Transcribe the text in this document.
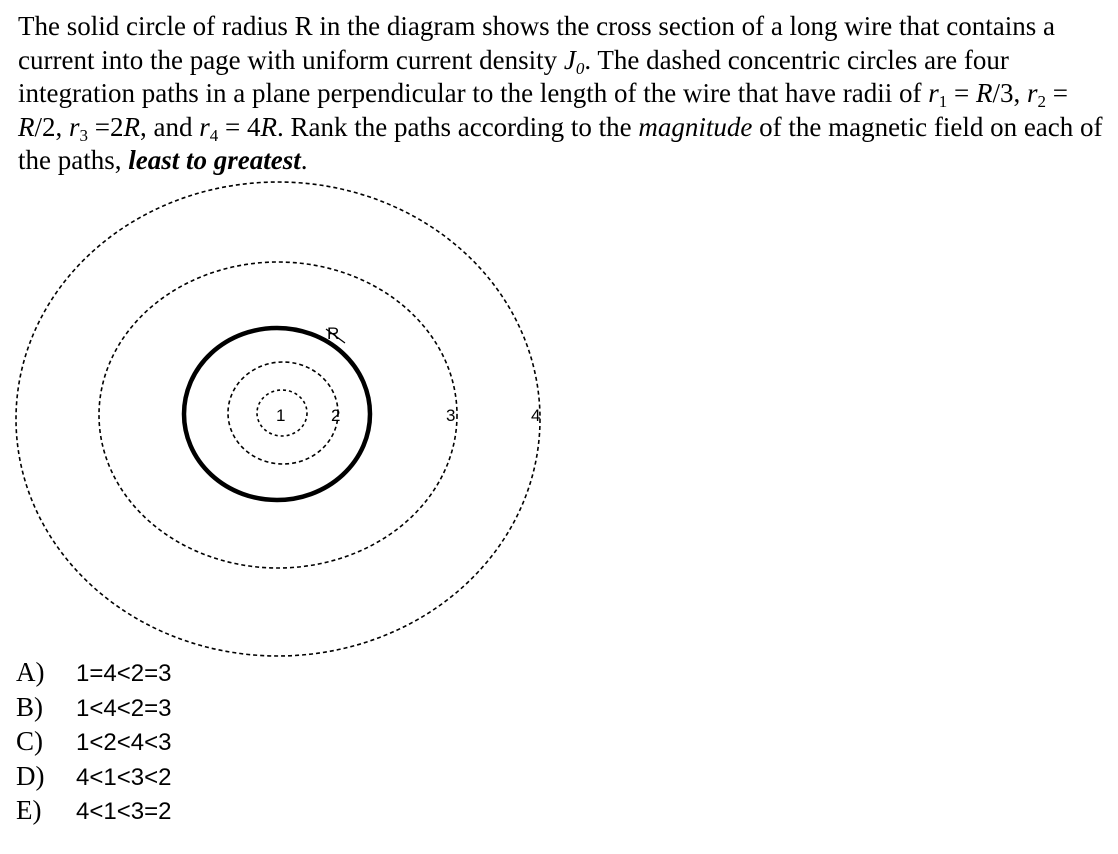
The solid circle of radius R in the diagram shows the cross section of a long wire that contains a current into the page with uniform current density $J_0$. The dashed concentric circles are four integration paths in a plane perpendicular to the length of the wire that have radii of $r_1 = R/3$, $r_2 = R/2$, $r_3 =2R$, and $r_4 = 4R$. Rank the paths according to the magnitude of the magnetic field on each of the paths, least to greatest.
R
1	2	3	4
A) 1=4<2=3
B) 1<4<2=3
C) 1<2<4<3
D) 4<1<3<2
E) 4<1<3=2
